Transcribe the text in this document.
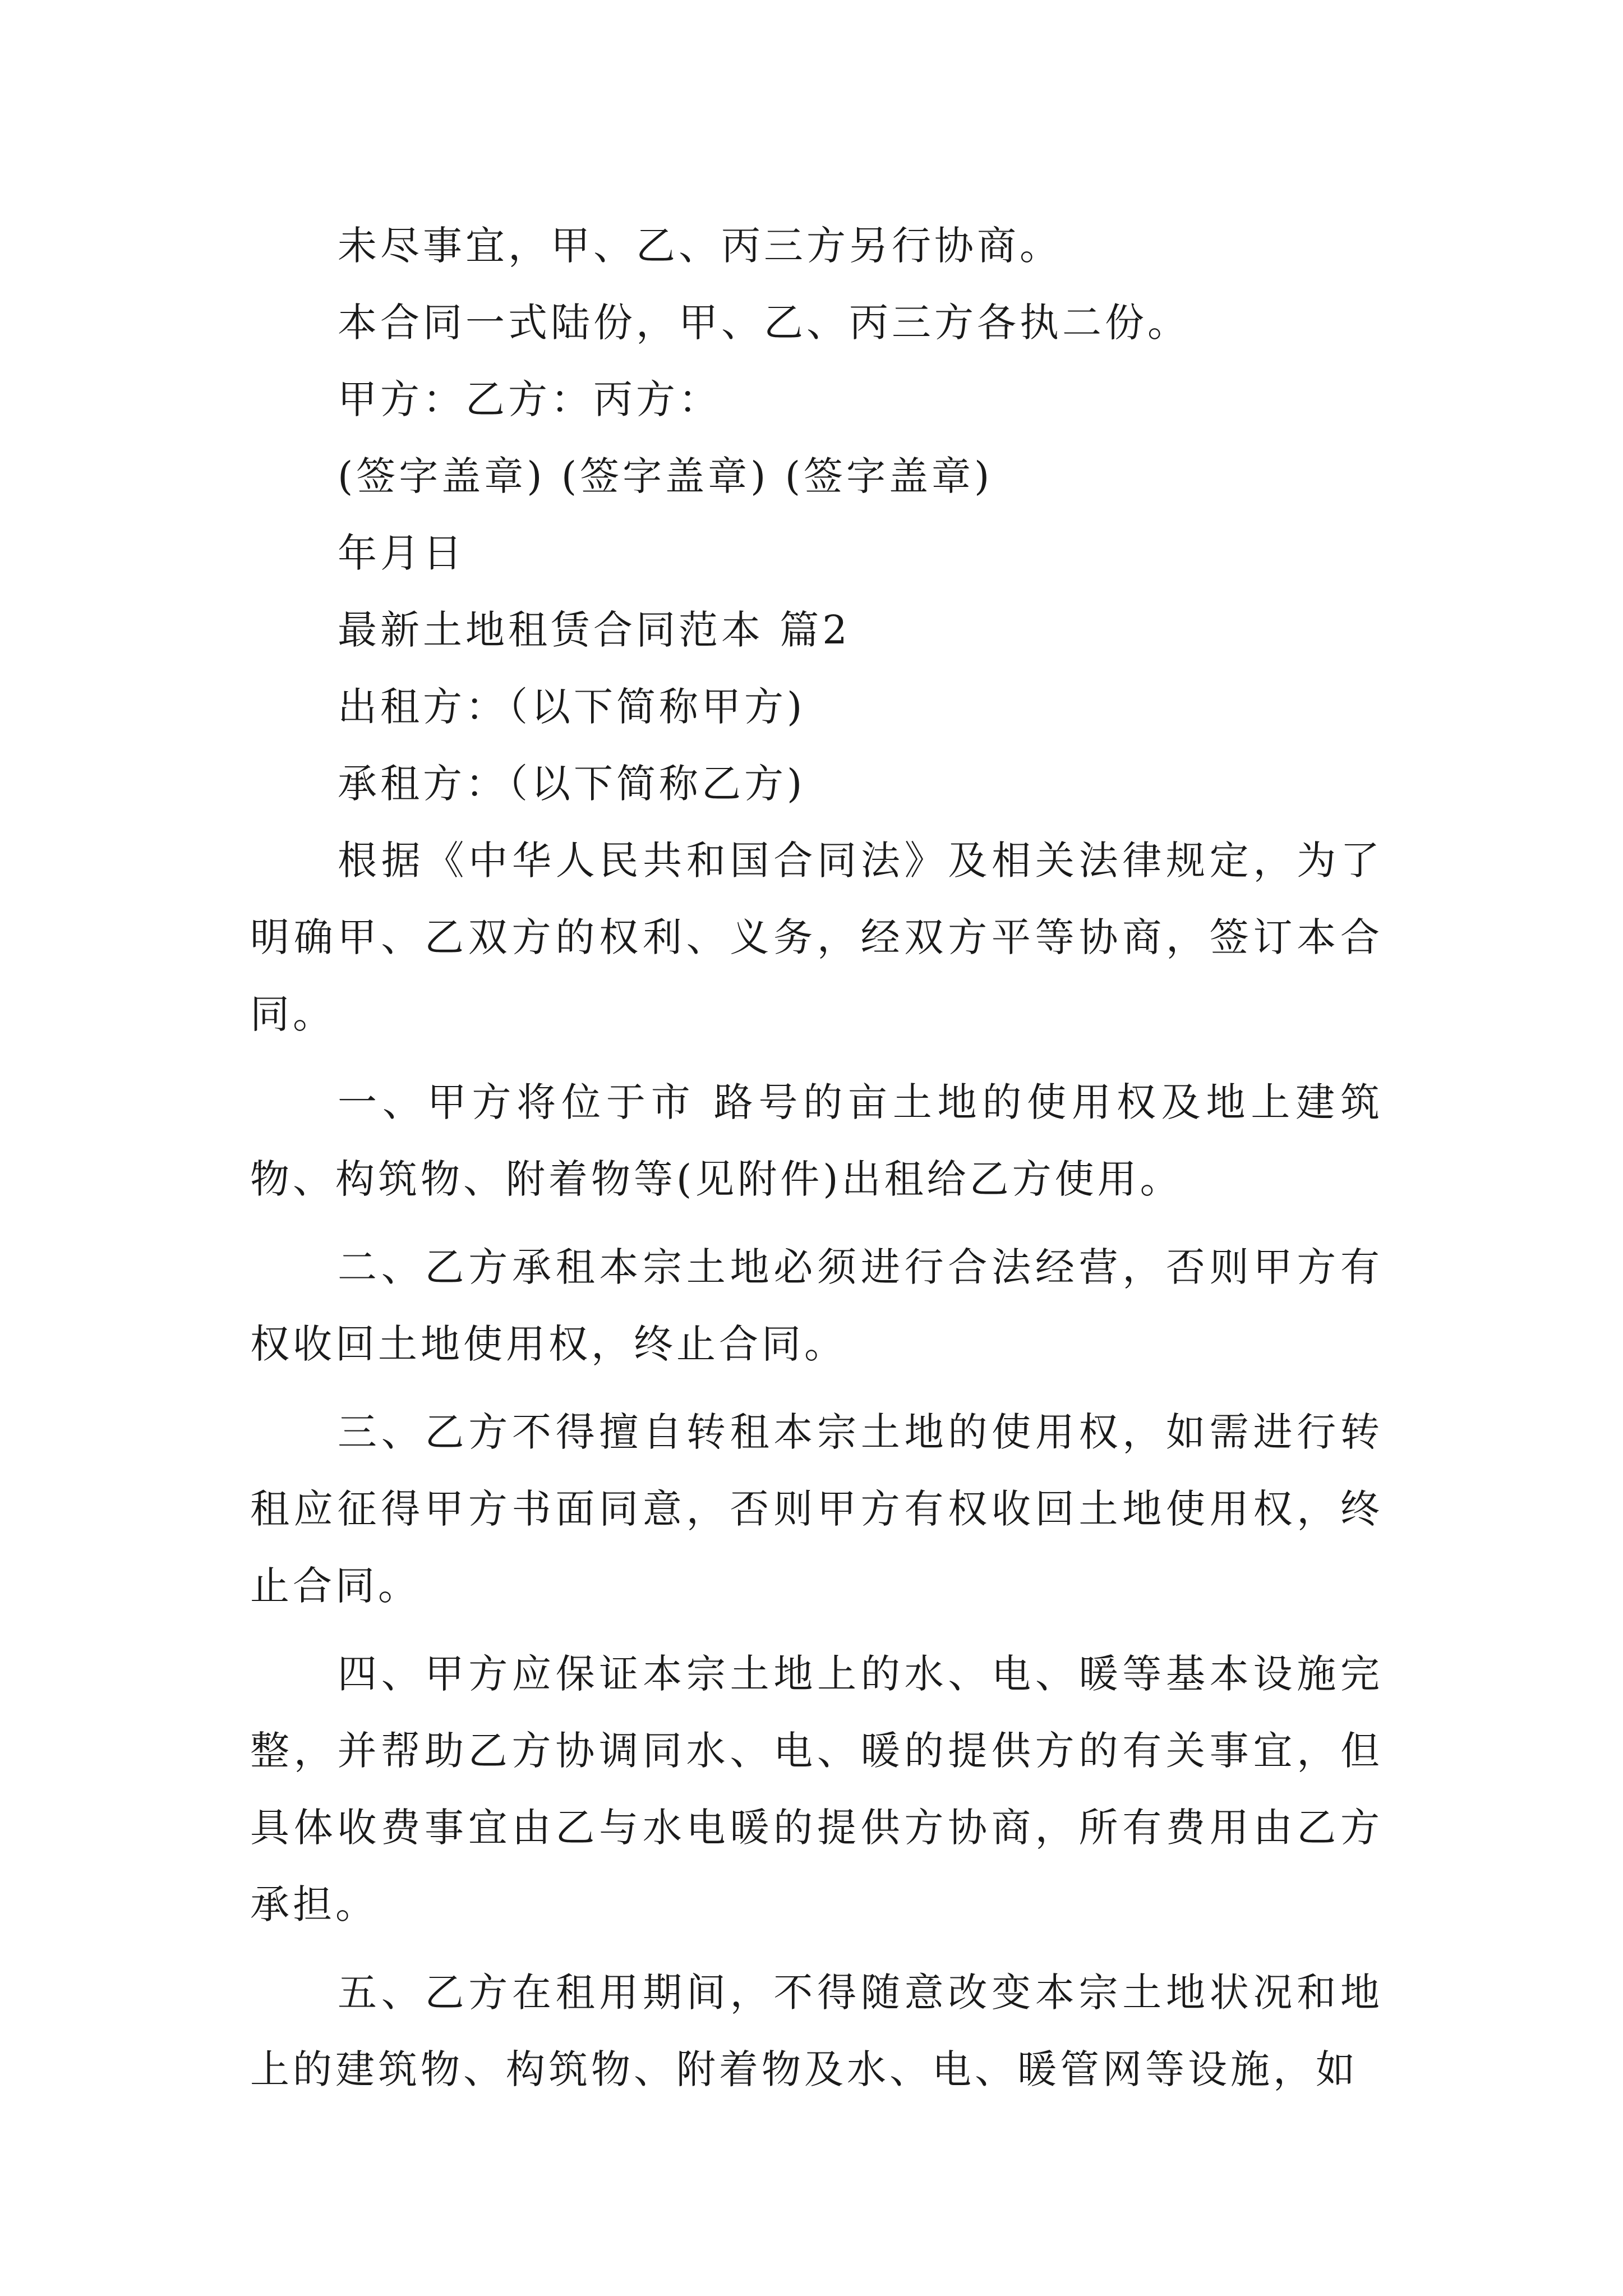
未尽事宜，甲、乙、丙三方另行协商。
本合同一式陆份，甲、乙、丙三方各执二份。
甲方：乙方：丙方：
(签字盖章) (签字盖章) (签字盖章)
年月日
最新土地租赁合同范本 篇2
出租方：（以下简称甲方)
承租方：（以下简称乙方)

根据《中华人民共和国合同法》及相关法律规定，为了明确甲、乙双方的权利、义务，经双方平等协商，签订本合同。

一、甲方将位于市 路号的亩土地的使用权及地上建筑物、构筑物、附着物等(见附件)出租给乙方使用。

二、乙方承租本宗土地必须进行合法经营，否则甲方有权收回土地使用权，终止合同。

三、乙方不得擅自转租本宗土地的使用权，如需进行转租应征得甲方书面同意，否则甲方有权收回土地使用权，终止合同。

四、甲方应保证本宗土地上的水、电、暖等基本设施完整，并帮助乙方协调同水、电、暖的提供方的有关事宜，但具体收费事宜由乙与水电暖的提供方协商，所有费用由乙方承担。

五、乙方在租用期间，不得随意改变本宗土地状况和地上的建筑物、构筑物、附着物及水、电、暖管网等设施，如
